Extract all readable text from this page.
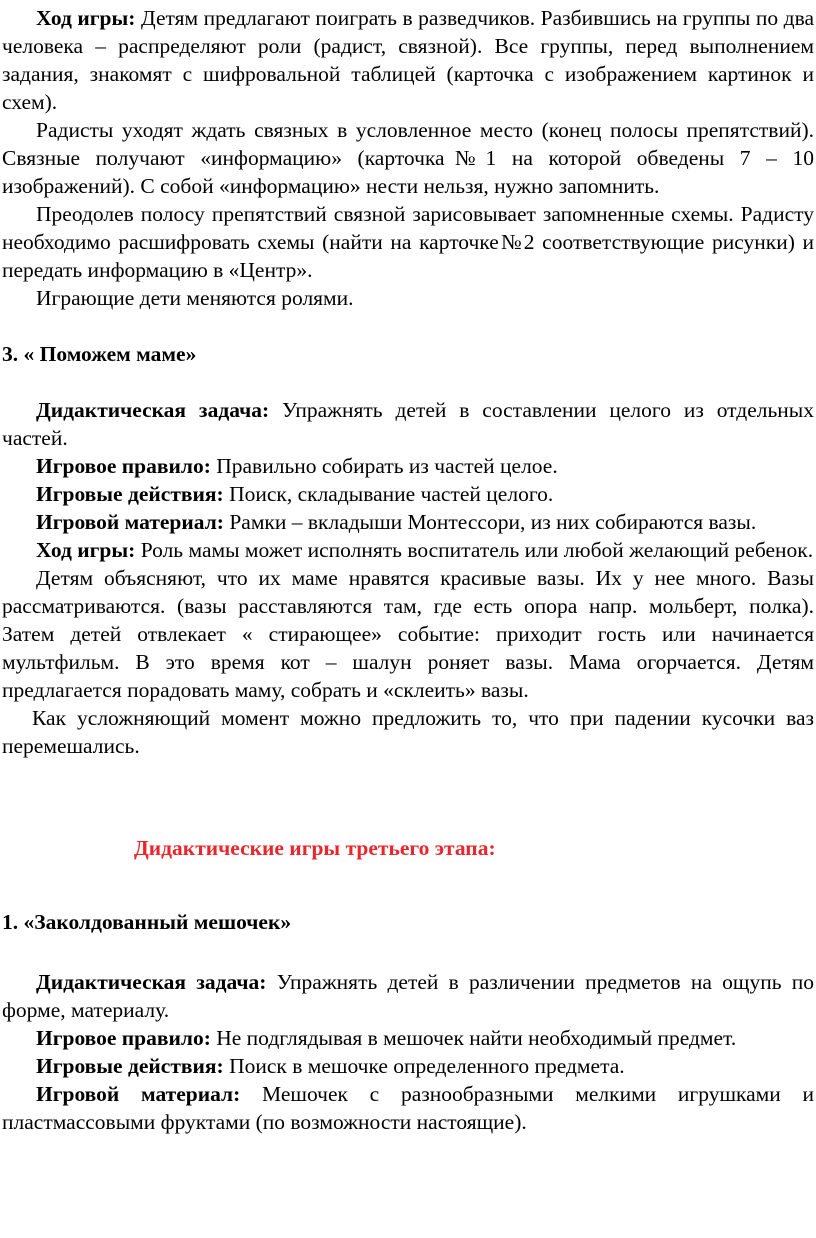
Ход игры: Детям предлагают поиграть в разведчиков. Разбившись на группы по два человека – распределяют роли (радист, связной). Все группы, перед выполнением задания, знакомят с шифровальной таблицей (карточка с изображением картинок и схем).

Радисты уходят ждать связных в условленное место (конец полосы препятствий). Связные получают «информацию» (карточка№1 на которой обведены 7 – 10 изображений). С собой «информацию» нести нельзя, нужно запомнить.

Преодолев полосу препятствий связной зарисовывает запомненные схемы. Радисту необходимо расшифровать схемы (найти на карточке№2 соответствующие рисунки) и передать информацию в «Центр».

Играющие дети меняются ролями.

3. « Поможем маме»

Дидактическая задача: Упражнять детей в составлении целого из отдельных частей.

Игровое правило: Правильно собирать из частей целое.

Игровые действия: Поиск, складывание частей целого.

Игровой материал: Рамки – вкладыши Монтессори, из них собираются вазы.

Ход игры: Роль мамы может исполнять воспитатель или любой желающий ребенок.

Детям объясняют, что их маме нравятся красивые вазы. Их у нее много. Вазы рассматриваются. (вазы расставляются там, где есть опора напр. мольберт, полка). Затем детей отвлекает « стирающее» событие: приходит гость или начинается мультфильм. В это время кот – шалун роняет вазы. Мама огорчается. Детям предлагается порадовать маму, собрать и «склеить» вазы.

Как усложняющий момент можно предложить то, что при падении кусочки ваз перемешались.

Дидактические игры третьего этапа:

1. «Заколдованный мешочек»

Дидактическая задача: Упражнять детей в различении предметов на ощупь по форме, материалу.

Игровое правило: Не подглядывая в мешочек найти необходимый предмет.

Игровые действия: Поиск в мешочке определенного предмета.

Игровой материал: Мешочек с разнообразными мелкими игрушками и пластмассовыми фруктами (по возможности настоящие).
